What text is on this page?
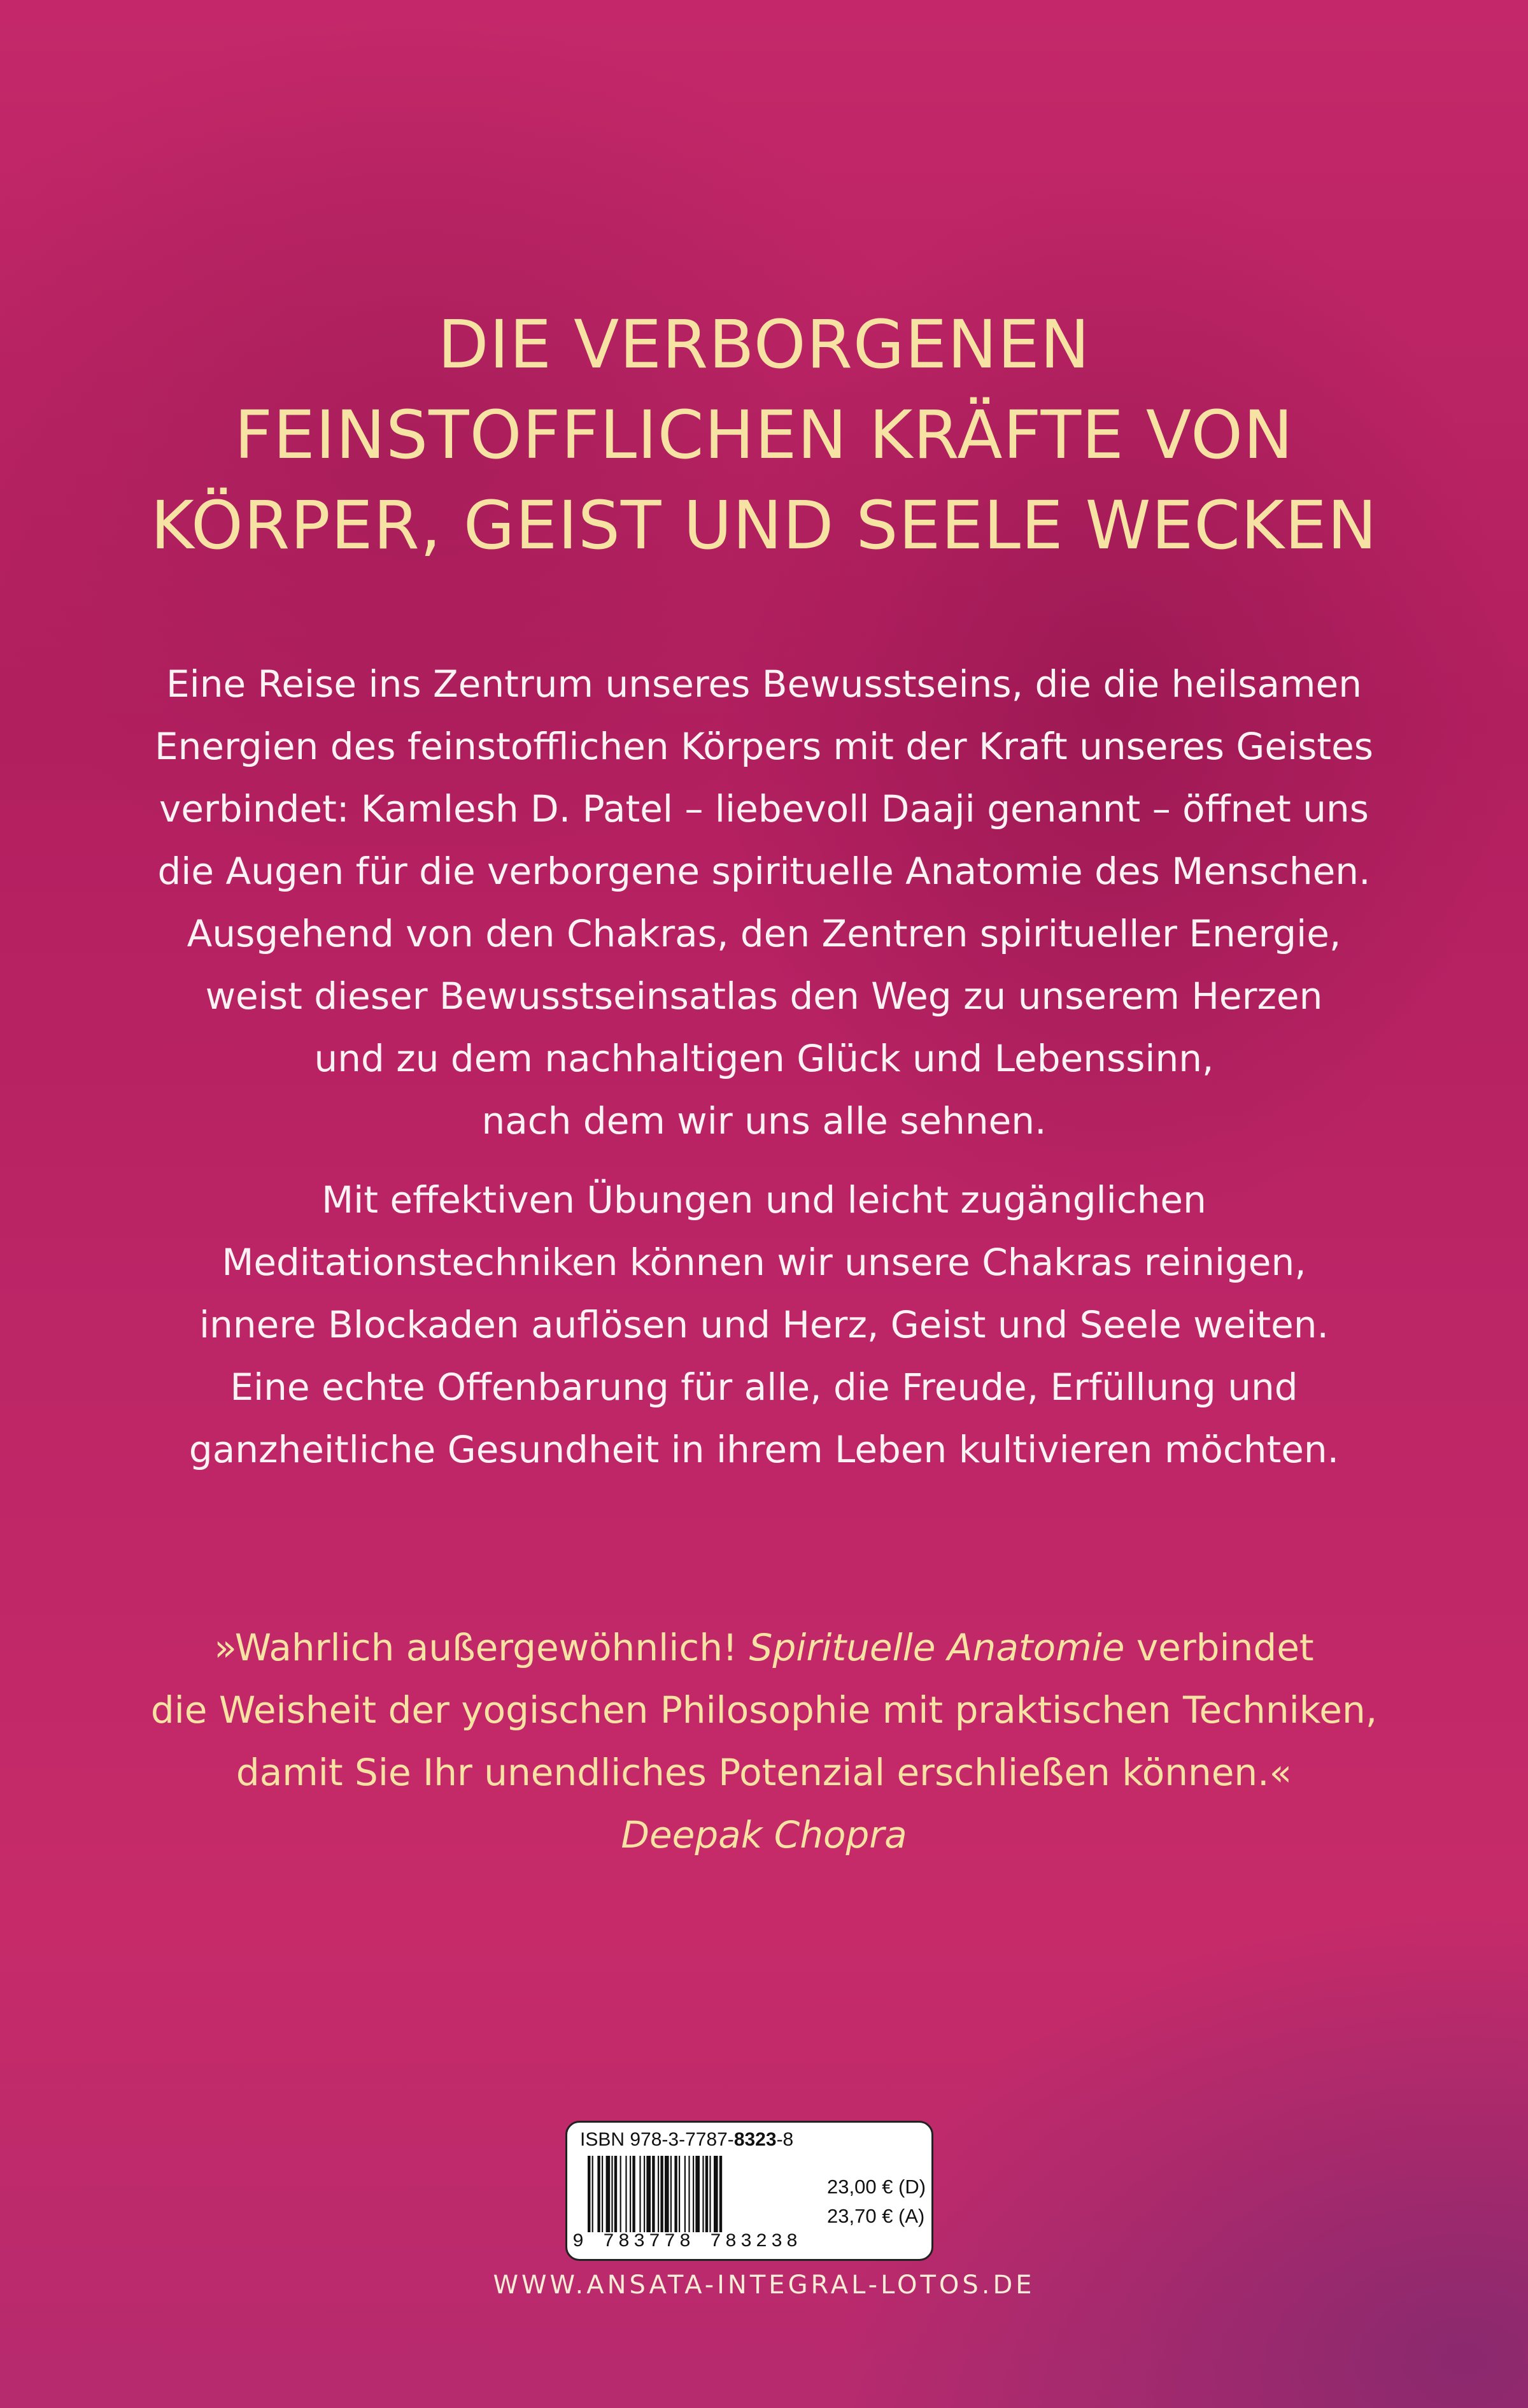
DIE VERBORGENEN
FEINSTOFFLICHEN KRÄFTE VON
KÖRPER, GEIST UND SEELE WECKEN
Eine Reise ins Zentrum unseres Bewusstseins, die die heilsamen
Energien des feinstofflichen Körpers mit der Kraft unseres Geistes
verbindet: Kamlesh D. Patel – liebevoll Daaji genannt – öffnet uns
die Augen für die verborgene spirituelle Anatomie des Menschen.
Ausgehend von den Chakras, den Zentren spiritueller Energie,
weist dieser Bewusstseinsatlas den Weg zu unserem Herzen
und zu dem nachhaltigen Glück und Lebenssinn,
nach dem wir uns alle sehnen.
Mit effektiven Übungen und leicht zugänglichen
Meditationstechniken können wir unsere Chakras reinigen,
innere Blockaden auflösen und Herz, Geist und Seele weiten.
Eine echte Offenbarung für alle, die Freude, Erfüllung und
ganzheitliche Gesundheit in ihrem Leben kultivieren möchten.
»Wahrlich außergewöhnlich! Spirituelle Anatomie verbindet
die Weisheit der yogischen Philosophie mit praktischen Techniken,
damit Sie Ihr unendliches Potenzial erschließen können.«
Deepak Chopra
ISBN 978-3-7787-8323-8
9 783778 783238
23,00 € (D)
23,70 € (A)
WWW.ANSATA-INTEGRAL-LOTOS.DE
